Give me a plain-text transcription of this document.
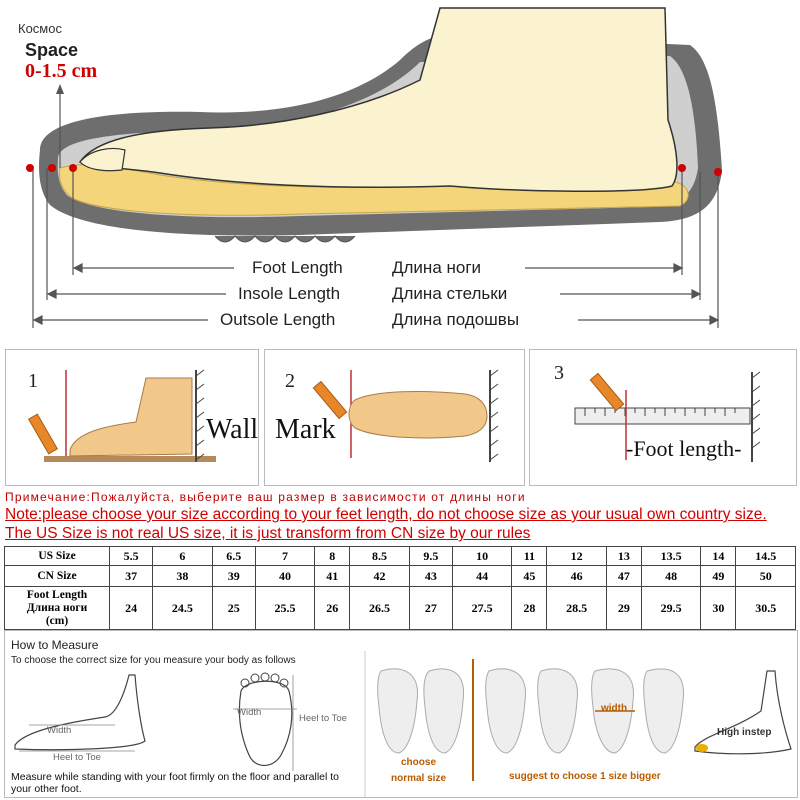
Космос
Space
0-1.5 cm
Foot Length	Длина ноги
Insole Length	Длина стельки
Outsole Length	Длина подошвы
1
Wall
2
Mark
3
-Foot length-
Примечание:Пожалуйста, выберите ваш размер в зависимости от длины ноги
Note:please choose your size according to your feet length, do not choose size as your usual own country size. The US Size is not real US size, it is just transform from CN size by our rules
US Size	5.5	6	6.5	7	8	8.5	9.5	10	11	12	13	13.5	14	14.5
CN Size	37	38	39	40	41	42	43	44	45	46	47	48	49	50

Foot Length
Длина ноги
(cm)	24	24.5	25	25.5	26	26.5	27	27.5	28	28.5	29	29.5	30	30.5
How to Measure
To choose the correct size for you measure your body as follows
Width
Heel to Toe
Width
Heel to Toe
Measure while standing with your foot firmly on the floor and parallel to your other foot.
choose
normal size	suggest to choose 1 size bigger
width
High instep
